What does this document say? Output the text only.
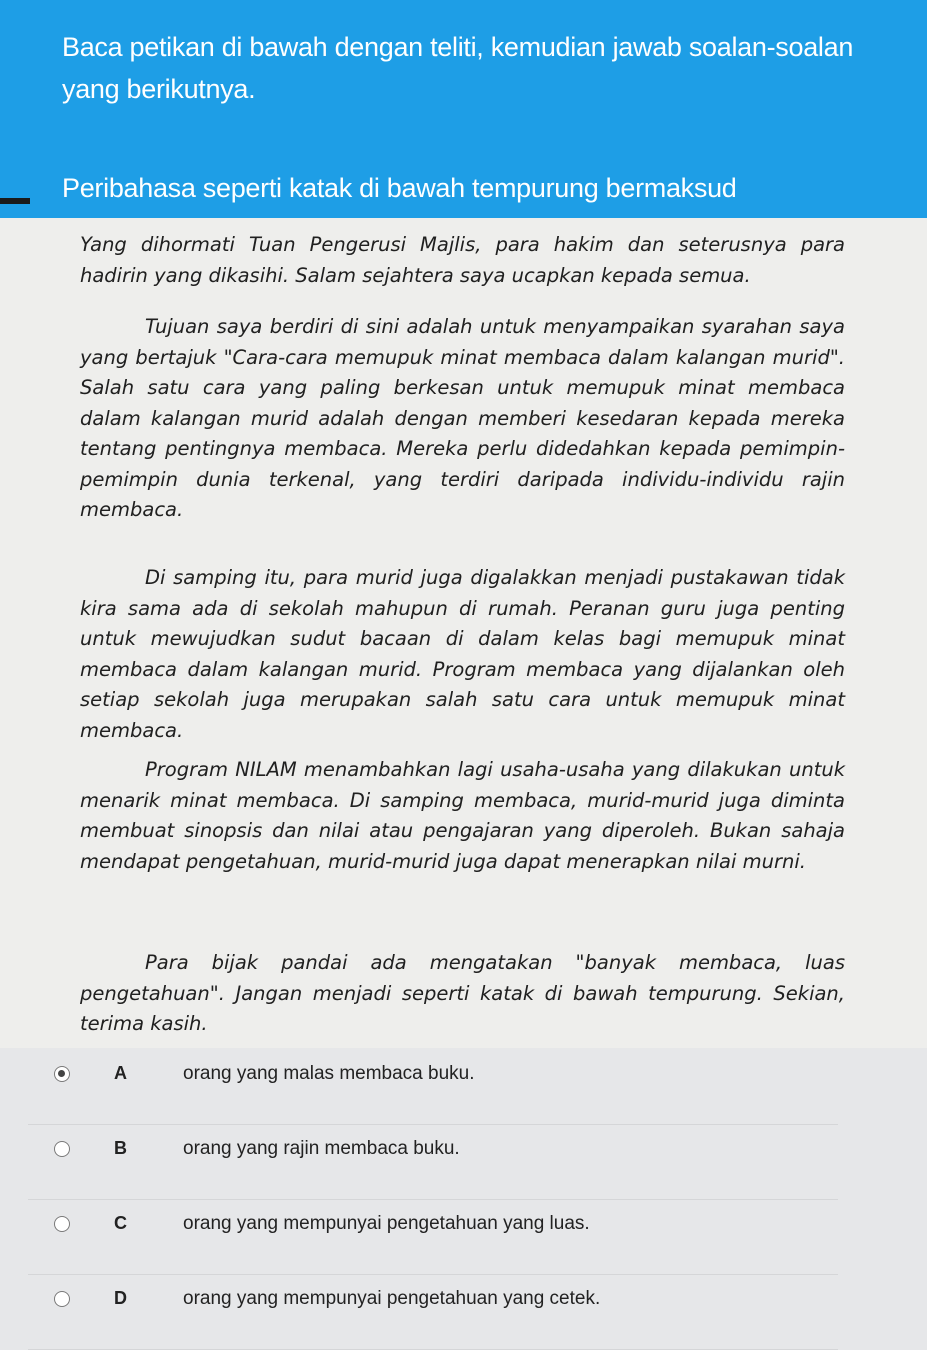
Baca petikan di bawah dengan teliti, kemudian jawab soalan-soalan yang berikutnya.
Peribahasa seperti katak di bawah tempurung bermaksud

Yang dihormati Tuan Pengerusi Majlis, para hakim dan seterusnya para hadirin yang dikasihi. Salam sejahtera saya ucapkan kepada semua.

Tujuan saya berdiri di sini adalah untuk menyampaikan syarahan saya yang bertajuk "Cara-cara memupuk minat membaca dalam kalangan murid". Salah satu cara yang paling berkesan untuk memupuk minat membaca dalam kalangan murid adalah dengan memberi kesedaran kepada mereka tentang pentingnya membaca. Mereka perlu didedahkan kepada pemimpin-pemimpin dunia terkenal, yang terdiri daripada individu-individu rajin membaca.

Di samping itu, para murid juga digalakkan menjadi pustakawan tidak kira sama ada di sekolah mahupun di rumah. Peranan guru juga penting untuk mewujudkan sudut bacaan di dalam kelas bagi memupuk minat membaca dalam kalangan murid. Program membaca yang dijalankan oleh setiap sekolah juga merupakan salah satu cara untuk memupuk minat membaca.

Program NILAM menambahkan lagi usaha-usaha yang dilakukan untuk menarik minat membaca. Di samping membaca, murid-murid juga diminta membuat sinopsis dan nilai atau pengajaran yang diperoleh. Bukan sahaja mendapat pengetahuan, murid-murid juga dapat menerapkan nilai murni.

Para bijak pandai ada mengatakan "banyak membaca, luas pengetahuan". Jangan menjadi seperti katak di bawah tempurung. Sekian, terima kasih.

A	orang yang malas membaca buku.
B	orang yang rajin membaca buku.
C	orang yang mempunyai pengetahuan yang luas.
D	orang yang mempunyai pengetahuan yang cetek.
